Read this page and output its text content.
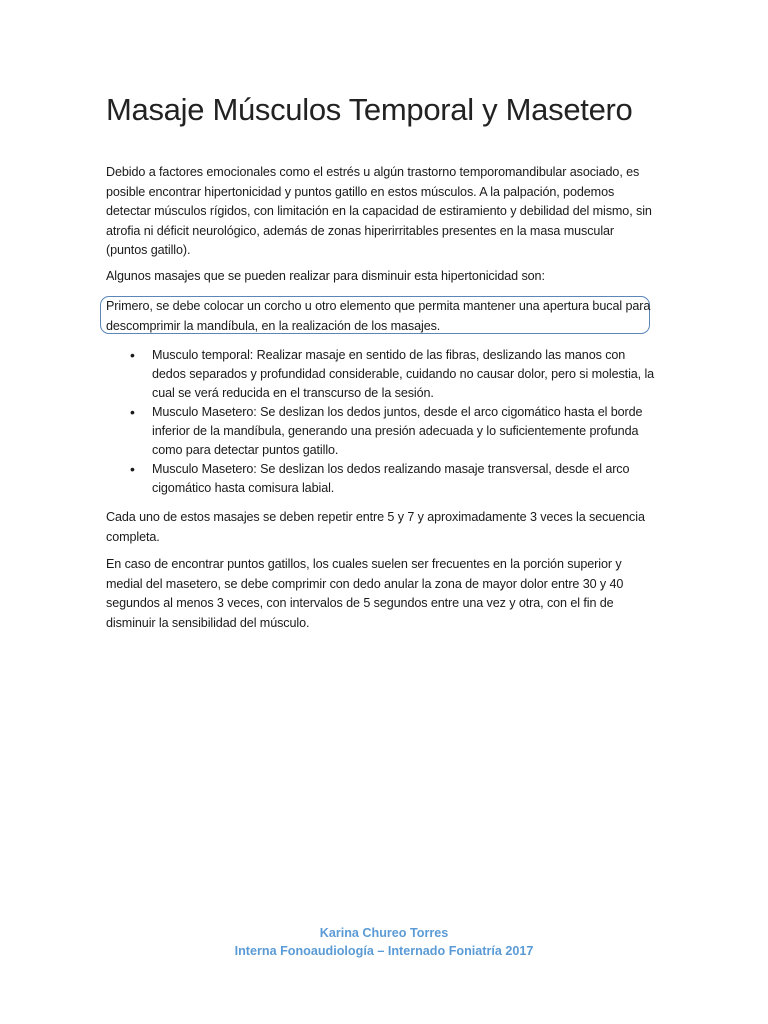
Masaje Músculos Temporal y Masetero

Debido a factores emocionales como el estrés u algún trastorno temporomandibular asociado, es posible encontrar hipertonicidad y puntos gatillo en estos músculos. A la palpación, podemos detectar músculos rígidos, con limitación en la capacidad de estiramiento y debilidad del mismo, sin atrofia ni déficit neurológico, además de zonas hiperirritables presentes en la masa muscular (puntos gatillo).

Algunos masajes que se pueden realizar para disminuir esta hipertonicidad son:

Primero, se debe colocar un corcho u otro elemento que permita mantener una apertura bucal para descomprimir la mandíbula, en la realización de los masajes.

• Musculo temporal: Realizar masaje en sentido de las fibras, deslizando las manos con dedos separados y profundidad considerable, cuidando no causar dolor, pero si molestia, la cual se verá reducida en el transcurso de la sesión.
• Musculo Masetero: Se deslizan los dedos juntos, desde el arco cigomático hasta el borde inferior de la mandíbula, generando una presión adecuada y lo suficientemente profunda como para detectar puntos gatillo.
• Musculo Masetero: Se deslizan los dedos realizando masaje transversal, desde el arco cigomático hasta comisura labial.

Cada uno de estos masajes se deben repetir entre 5 y 7 y aproximadamente 3 veces la secuencia completa.

En caso de encontrar puntos gatillos, los cuales suelen ser frecuentes en la porción superior y medial del masetero, se debe comprimir con dedo anular la zona de mayor dolor entre 30 y 40 segundos al menos 3 veces, con intervalos de 5 segundos entre una vez y otra, con el fin de disminuir la sensibilidad del músculo.

Karina Chureo Torres
Interna Fonoaudiología – Internado Foniatría 2017
